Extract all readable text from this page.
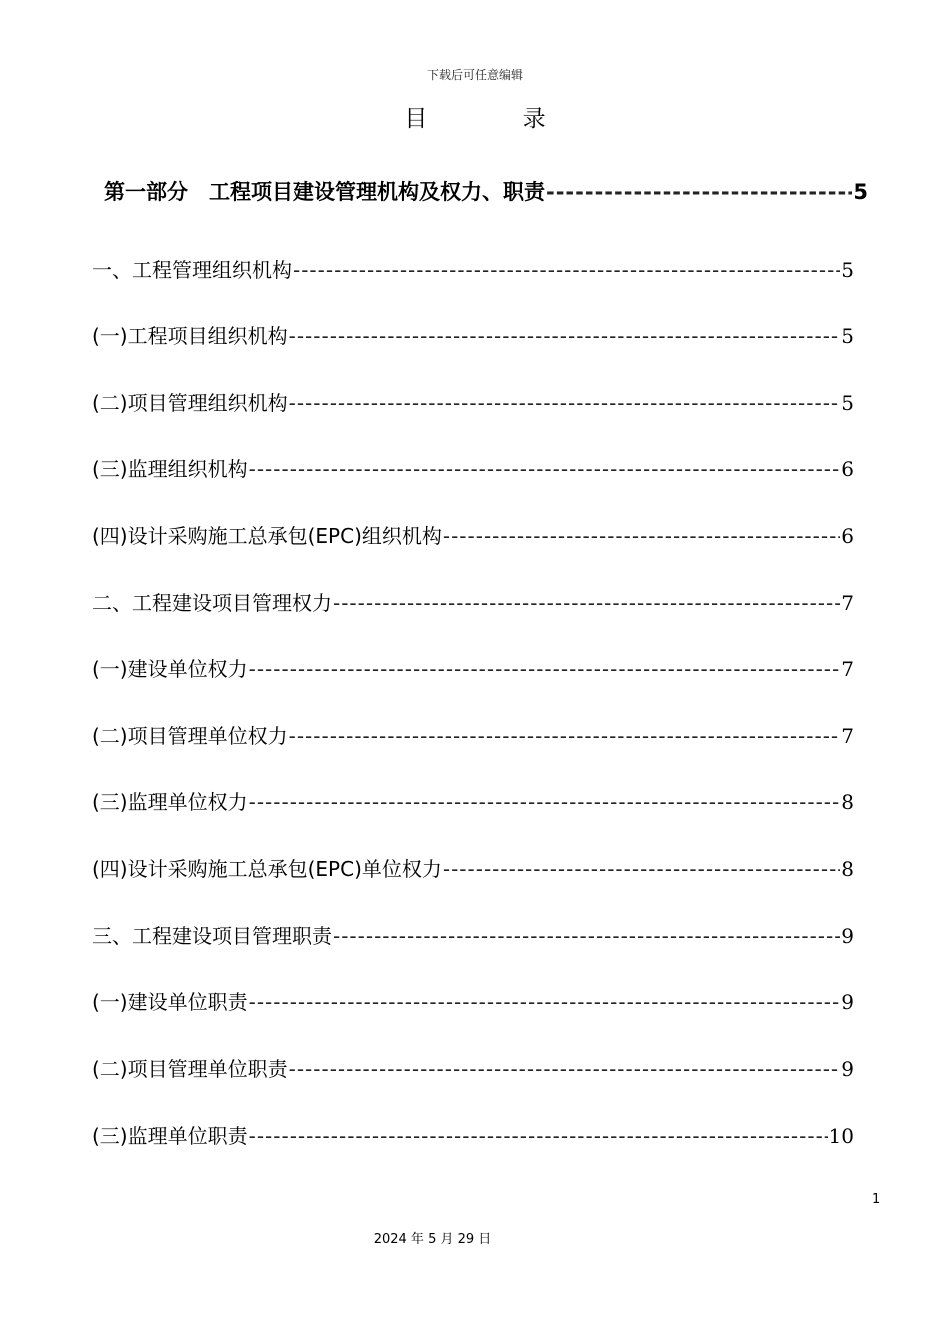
下载后可任意编辑
目 录
第一部分　工程项目建设管理机构及权力、职责 -----	5
一、工程管理组织机构 -----	5
(一)工程项目组织机构 -----	5
(二)项目管理组织机构 -----	5
(三)监理组织机构 -----	6
(四)设计采购施工总承包(EPC)组织机构 -----	6
二、工程建设项目管理权力 -----	7
(一)建设单位权力 -----	7
(二)项目管理单位权力 -----	7
(三)监理单位权力 -----	8
(四)设计采购施工总承包(EPC)单位权力 -----	8
三、工程建设项目管理职责 -----	9
(一)建设单位职责 -----	9
(二)项目管理单位职责 -----	9
(三)监理单位职责 -----	10
1
2024 年 5 月 29 日
